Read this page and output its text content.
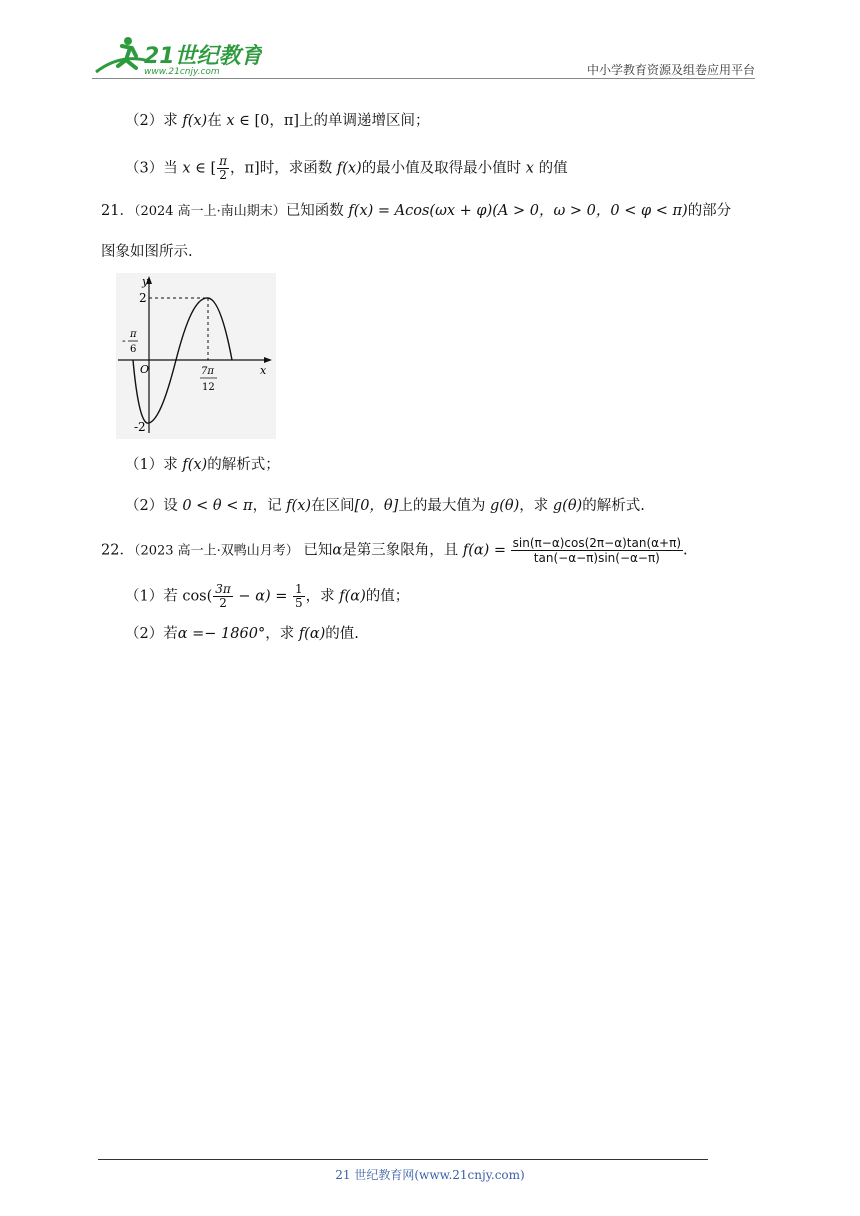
21世纪教育
www.21cnjy.com	中小学教育资源及组卷应用平台
（2）求 f(x)在 x ∈ [0，π]上的单调递增区间；
（3）当 x ∈ [ $\frac{\pi}{2}$ ，π]时，求函数 f(x)的最小值及取得最小值时 x 的值
21．（2024 高一上·南山期末）已知函数 f(x) = Acos(ωx + φ)(A > 0，ω > 0，0 < φ < π)的部分
图象如图所示.
y
x
O
2
-2
- π
6
7π
12
（1）求 f(x)的解析式；
（2）设 0 < θ < π，记 f(x)在区间[0，θ]上的最大值为 g(θ)，求 g(θ)的解析式.
22．（2023 高一上·双鸭山月考） 已知α是第三象限角，且 $f(\alpha) = \frac{\sin(\pi-\alpha)\cos(2\pi-\alpha)\tan(\alpha+\pi)}{\tan(-\alpha-\pi)\sin(-\alpha-\pi)}$ .
（1）若 $\cos( \frac{3\pi}{2} - \alpha) = \frac{1}{5}$ ，求 f(α)的值；
（2）若α =− 1860°，求 f(α)的值.
21 世纪教育网(www.21cnjy.com)
